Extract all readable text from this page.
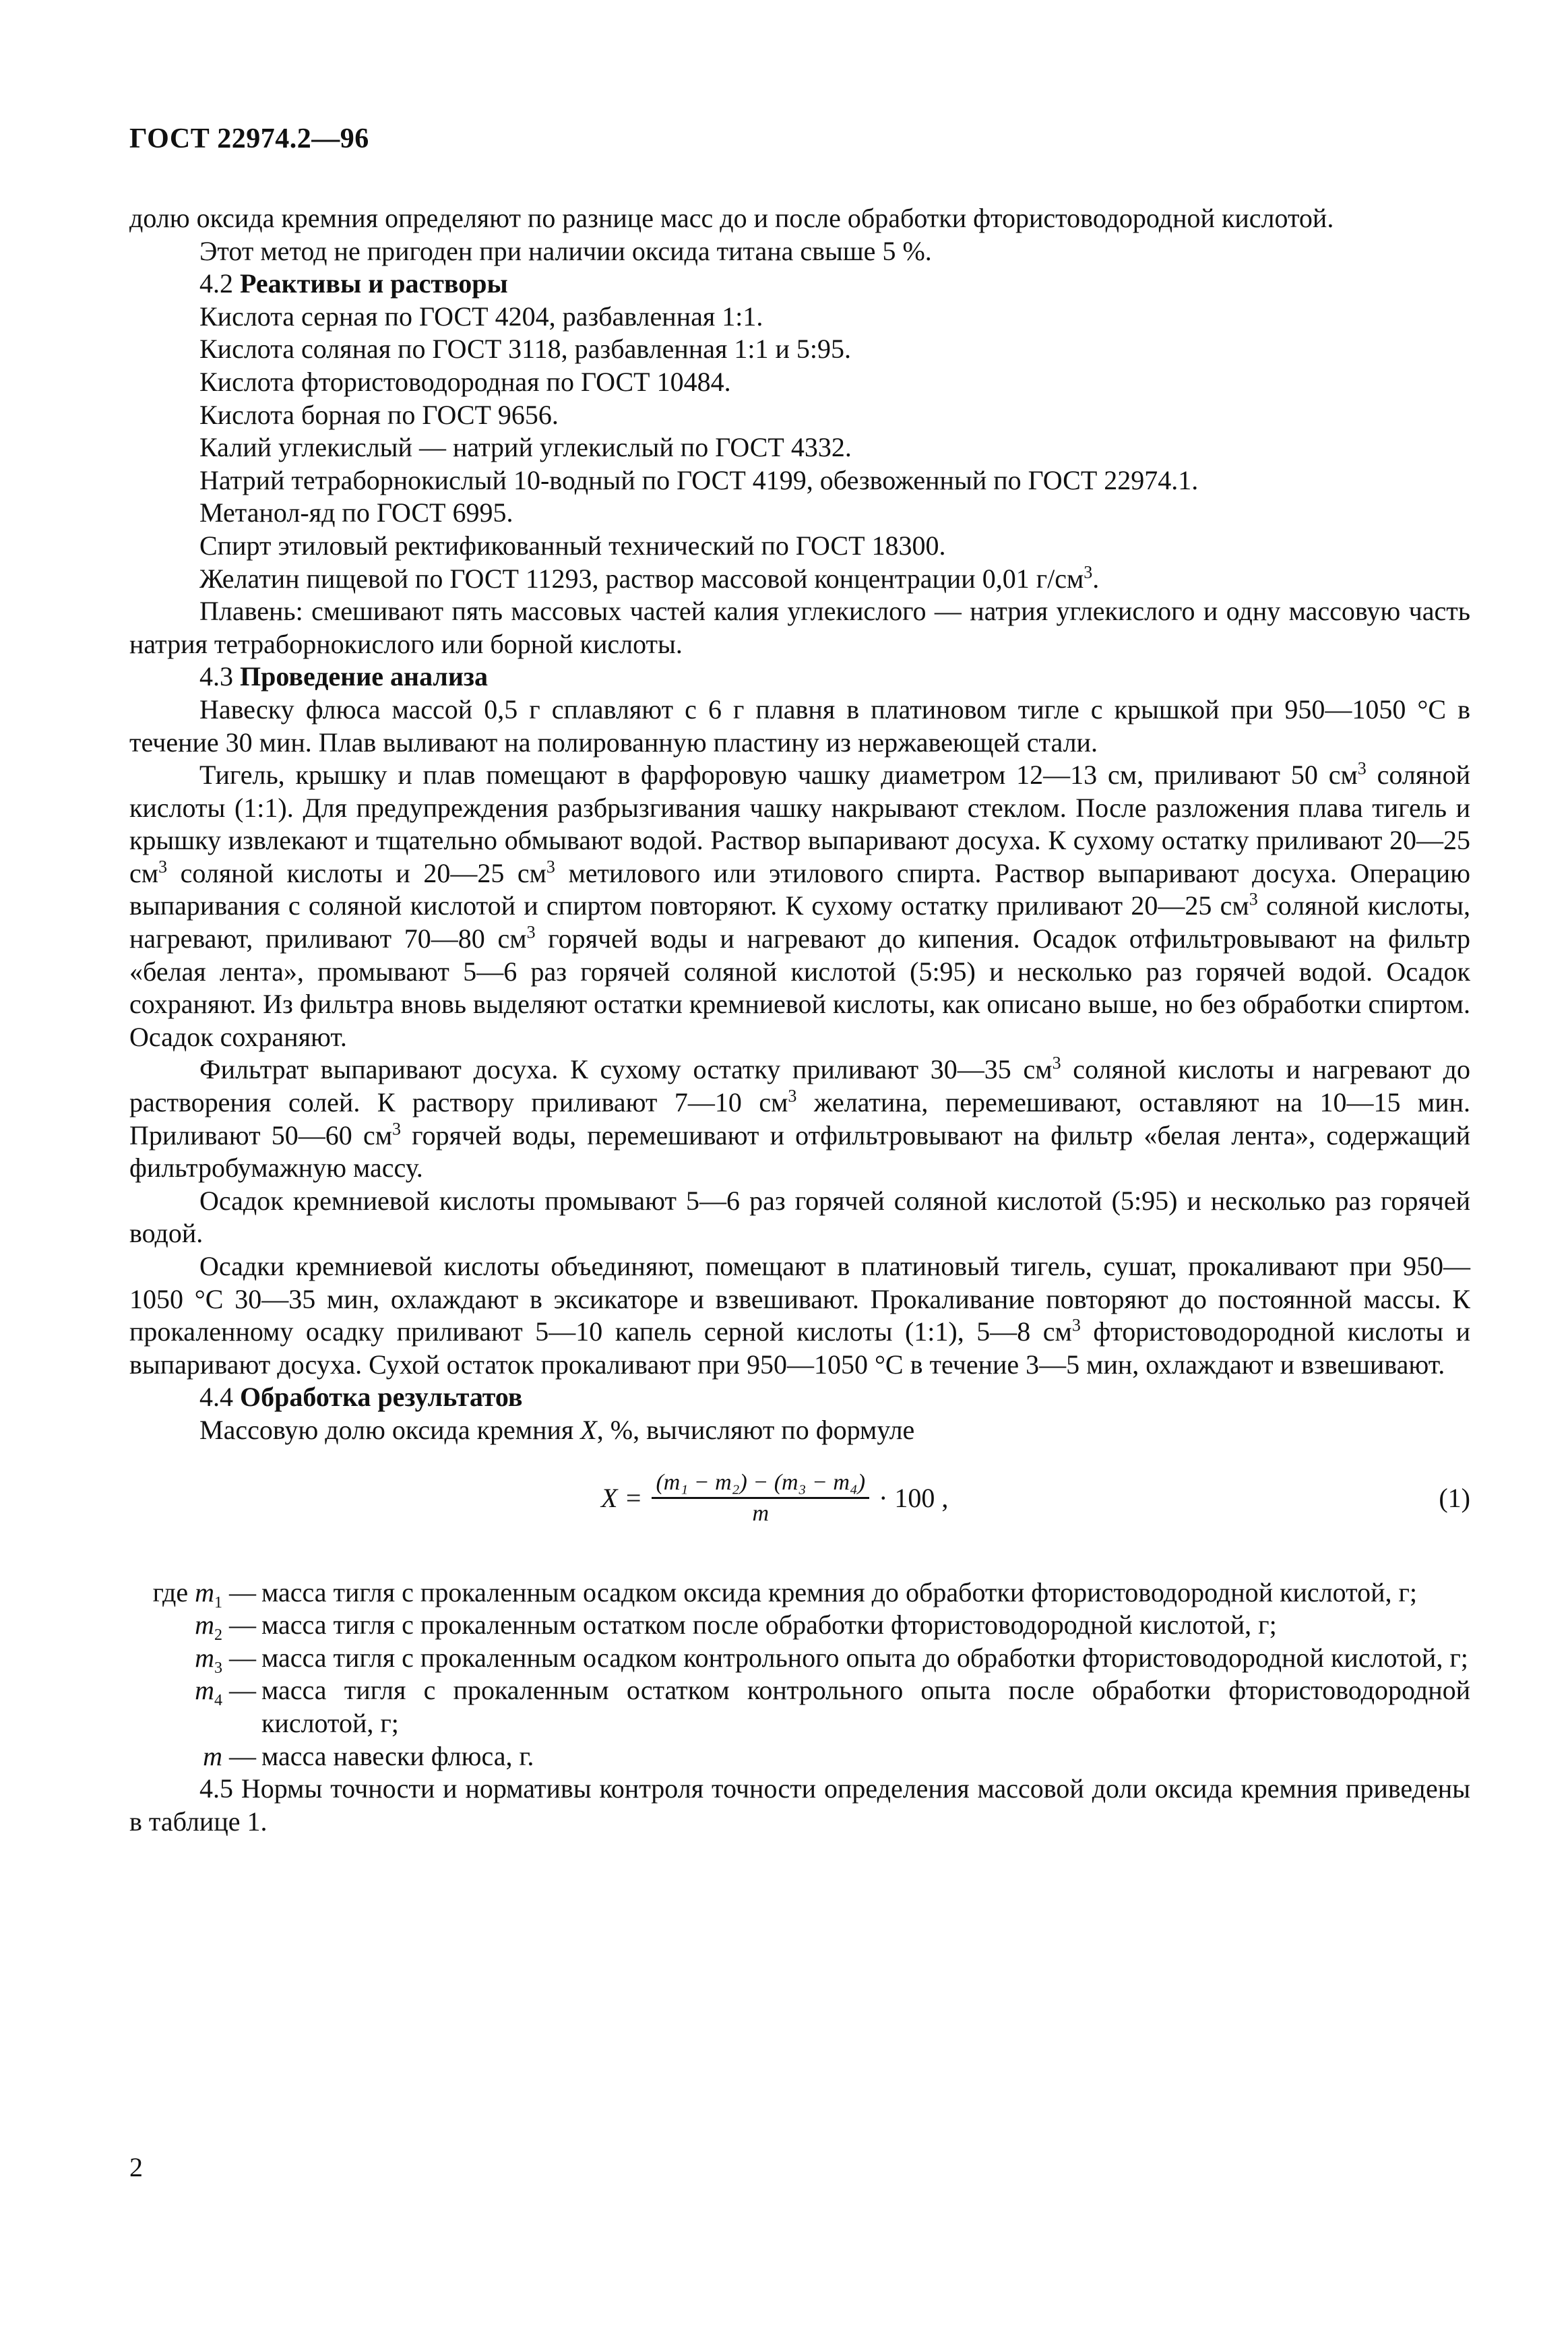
ГОСТ 22974.2—96

долю оксида кремния определяют по разнице масс до и после обработки фтористоводородной кислотой.

Этот метод не пригоден при наличии оксида титана свыше 5 %.

4.2 Реактивы и растворы

Кислота серная по ГОСТ 4204, разбавленная 1:1.

Кислота соляная по ГОСТ 3118, разбавленная 1:1 и 5:95.

Кислота фтористоводородная по ГОСТ 10484.

Кислота борная по ГОСТ 9656.

Калий углекислый — натрий углекислый по ГОСТ 4332.

Натрий тетраборнокислый 10-водный по ГОСТ 4199, обезвоженный по ГОСТ 22974.1.

Метанол-яд по ГОСТ 6995.

Спирт этиловый ректификованный технический по ГОСТ 18300.

Желатин пищевой по ГОСТ 11293, раствор массовой концентрации 0,01 $г/см^3$.

Плавень: смешивают пять массовых частей калия углекислого — натрия углекислого и одну массовую часть натрия тетраборнокислого или борной кислоты.

4.3 Проведение анализа

Навеску флюса массой 0,5 г сплавляют с 6 г плавня в платиновом тигле с крышкой при 950—1050 °С в течение 30 мин. Плав выливают на полированную пластину из нержавеющей стали.

Тигель, крышку и плав помещают в фарфоровую чашку диаметром 12—13 см, приливают 50 $см^3$ соляной кислоты (1:1). Для предупреждения разбрызгивания чашку накрывают стеклом. После разложения плава тигель и крышку извлекают и тщательно обмывают водой. Раствор выпаривают досуха. К сухому остатку приливают 20—25 $см^3$ соляной кислоты и 20—25 $см^3$ метилового или этилового спирта. Раствор выпаривают досуха. Операцию выпаривания с соляной кислотой и спиртом повторяют. К сухому остатку приливают 20—25 $см^3$ соляной кислоты, нагревают, приливают 70—80 $см^3$ горячей воды и нагревают до кипения. Осадок отфильтровывают на фильтр «белая лента», промывают 5—6 раз горячей соляной кислотой (5:95) и несколько раз горячей водой. Осадок сохраняют. Из фильтра вновь выделяют остатки кремниевой кислоты, как описано выше, но без обработки спиртом. Осадок сохраняют.

Фильтрат выпаривают досуха. К сухому остатку приливают 30—35 $см^3$ соляной кислоты и нагревают до растворения солей. К раствору приливают 7—10 $см^3$ желатина, перемешивают, оставляют на 10—15 мин. Приливают 50—60 $см^3$ горячей воды, перемешивают и отфильтровывают на фильтр «белая лента», содержащий фильтробумажную массу.

Осадок кремниевой кислоты промывают 5—6 раз горячей соляной кислотой (5:95) и несколько раз горячей водой.

Осадки кремниевой кислоты объединяют, помещают в платиновый тигель, сушат, прокаливают при 950—1050 °С 30—35 мин, охлаждают в эксикаторе и взвешивают. Прокаливание повторяют до постоянной массы. К прокаленному осадку приливают 5—10 капель серной кислоты (1:1), 5—8 $см^3$ фтористоводородной кислоты и выпаривают досуха. Сухой остаток прокаливают при 950—1050 °С в течение 3—5 мин, охлаждают и взвешивают.

4.4 Обработка результатов

Массовую долю оксида кремния X, %, вычисляют по формуле

$X = \frac{\text{(m₁ − m₂) − (m₃ − m₄)}}{m} \cdot 100$ ,	(1)
где $m_1$ — масса тигля с прокаленным осадком оксида кремния до обработки фтористоводородной кислотой, г;
$m_2$ — масса тигля с прокаленным остатком после обработки фтористоводородной кислотой, г;
$m_3$ — масса тигля с прокаленным осадком контрольного опыта до обработки фтористоводородной кислотой, г;
$m_4$ — масса тигля с прокаленным остатком контрольного опыта после обработки фтористоводородной кислотой, г;
m — масса навески флюса, г.

4.5 Нормы точности и нормативы контроля точности определения массовой доли оксида кремния приведены в таблице 1.

2
